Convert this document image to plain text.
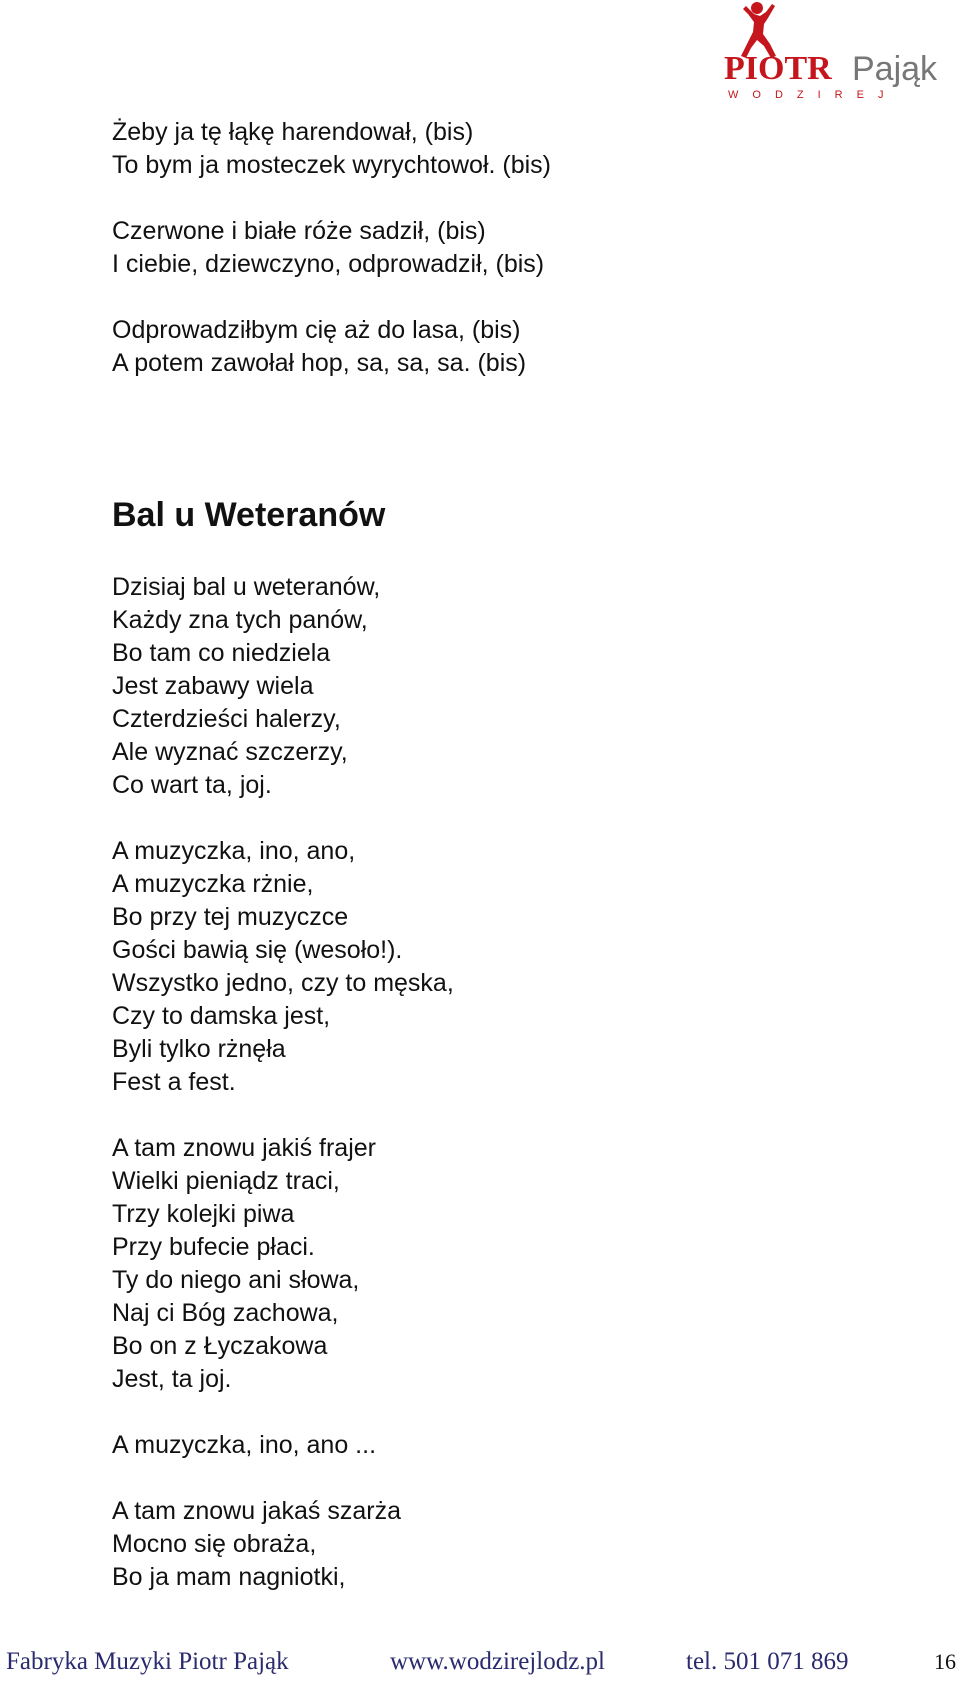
PIOTR Pająk
WODZIREJ
Żeby ja tę łąkę harendował, (bis)
To bym ja mosteczek wyrychtowoł. (bis)
Czerwone i białe róże sadził, (bis)
I ciebie, dziewczyno, odprowadził, (bis)
Odprowadziłbym cię aż do lasa, (bis)
A potem zawołał hop, sa, sa, sa. (bis)
Bal u Weteranów
Dzisiaj bal u weteranów,
Każdy zna tych panów,
Bo tam co niedziela
Jest zabawy wiela
Czterdzieści halerzy,
Ale wyznać szczerzy,
Co wart ta, joj.
A muzyczka, ino, ano,
A muzyczka rżnie,
Bo przy tej muzyczce
Gości bawią się (wesoło!).
Wszystko jedno, czy to męska,
Czy to damska jest,
Byli tylko rżnęła
Fest a fest.
A tam znowu jakiś frajer
Wielki pieniądz traci,
Trzy kolejki piwa
Przy bufecie płaci.
Ty do niego ani słowa,
Naj ci Bóg zachowa,
Bo on z Łyczakowa
Jest, ta joj.
A muzyczka, ino, ano ...
A tam znowu jakaś szarża
Mocno się obraża,
Bo ja mam nagniotki,
Fabryka Muzyki Piotr Pająk	www.wodzirejlodz.pl	tel. 501 071 869	16
